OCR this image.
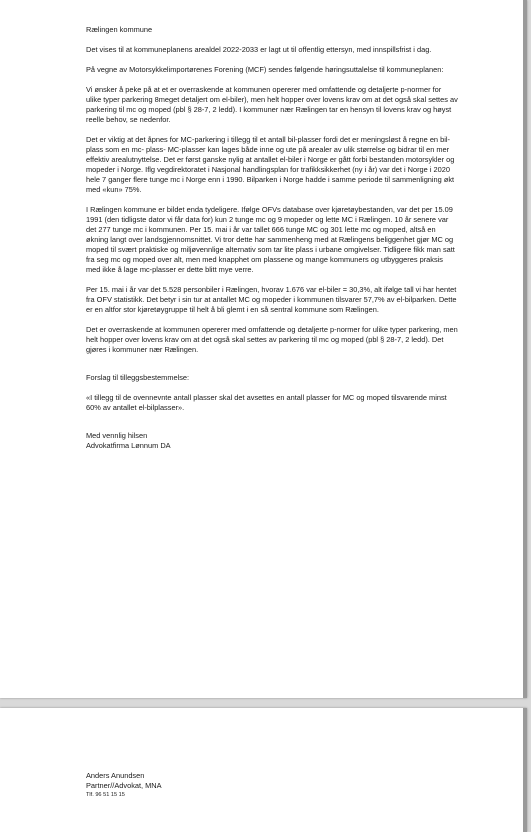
Rælingen kommune

Det vises til at kommuneplanens arealdel 2022-2033 er lagt ut til offentlig ettersyn, med innspillsfrist i dag.

På vegne av Motorsykkelimportørenes Forening (MCF) sendes følgende høringsuttalelse til kommuneplanen:

Vi ønsker å peke på at et er overraskende at kommunen opererer med omfattende og detaljerte p-normer for ulike typer parkering 8meget detaljert om el-biler), men helt hopper over lovens krav om at det også skal settes av parkering til mc og moped (pbl § 28-7, 2 ledd). I kommuner nær Rælingen tar en hensyn til lovens krav og høyst reelle behov, se nedenfor.

Det er viktig at det åpnes for MC-parkering i tillegg til et antall bil-plasser fordi det er meningsløst å regne en bil-plass som en mc- plass- MC-plasser kan lages både inne og ute på arealer av ulik størrelse og bidrar til en mer effektiv arealutnyttelse. Det er først ganske nylig at antallet el-biler i Norge er gått forbi bestanden motorsykler og mopeder i Norge. Iflg vegdirektoratet i Nasjonal handlingsplan for trafikksikkerhet (ny i år) var det i Norge i 2020 hele 7 ganger flere tunge mc i Norge enn i 1990. Bilparken i Norge hadde i samme periode til sammenligning økt med «kun» 75%.

I Rælingen kommune er bildet enda tydeligere. Ifølge OFVs database over kjøretøybestanden, var det per 15.09 1991 (den tidligste dator vi får data for) kun 2 tunge mc og 9 mopeder og lette MC i Rælingen. 10 år senere var det 277 tunge mc i kommunen. Per 15. mai i år var tallet 666 tunge MC og 301 lette mc og moped, altså en økning langt over landsgjennomsnittet. Vi tror dette har sammenheng med at Rælingens beliggenhet gjør MC og moped til svært praktiske og miljøvennlige alternativ som tar lite plass i urbane omgivelser. Tidligere fikk man satt fra seg mc og moped over alt, men med knapphet om plassene og mange kommuners og utbyggeres praksis med ikke å lage mc-plasser er dette blitt mye verre.

Per 15. mai i år var det 5.528 personbiler i Rælingen, hvorav 1.676 var el-biler = 30,3%, alt ifølge tall vi har hentet fra OFV statistikk. Det betyr i sin tur at antallet MC og mopeder i kommunen tilsvarer 57,7% av el-bilparken. Dette er en altfor stor kjøretøygruppe til helt å bli glemt i en så sentral kommune som Rælingen.

Det er overraskende at kommunen opererer med omfattende og detaljerte p-normer for ulike typer parkering, men helt hopper over lovens krav om at det også skal settes av parkering til mc og moped (pbl § 28-7, 2 ledd). Det gjøres i kommuner nær Rælingen.

Forslag til tilleggsbestemmelse:

«I tillegg til de ovennevnte antall plasser skal det avsettes en antall plasser for MC og moped tilsvarende minst 60% av antallet el-bilplasser».

Med vennlig hilsen
Advokatfirma Lønnum DA
Anders Anundsen
Partner//Advokat, MNA
Tlf. 96 51 15 15
